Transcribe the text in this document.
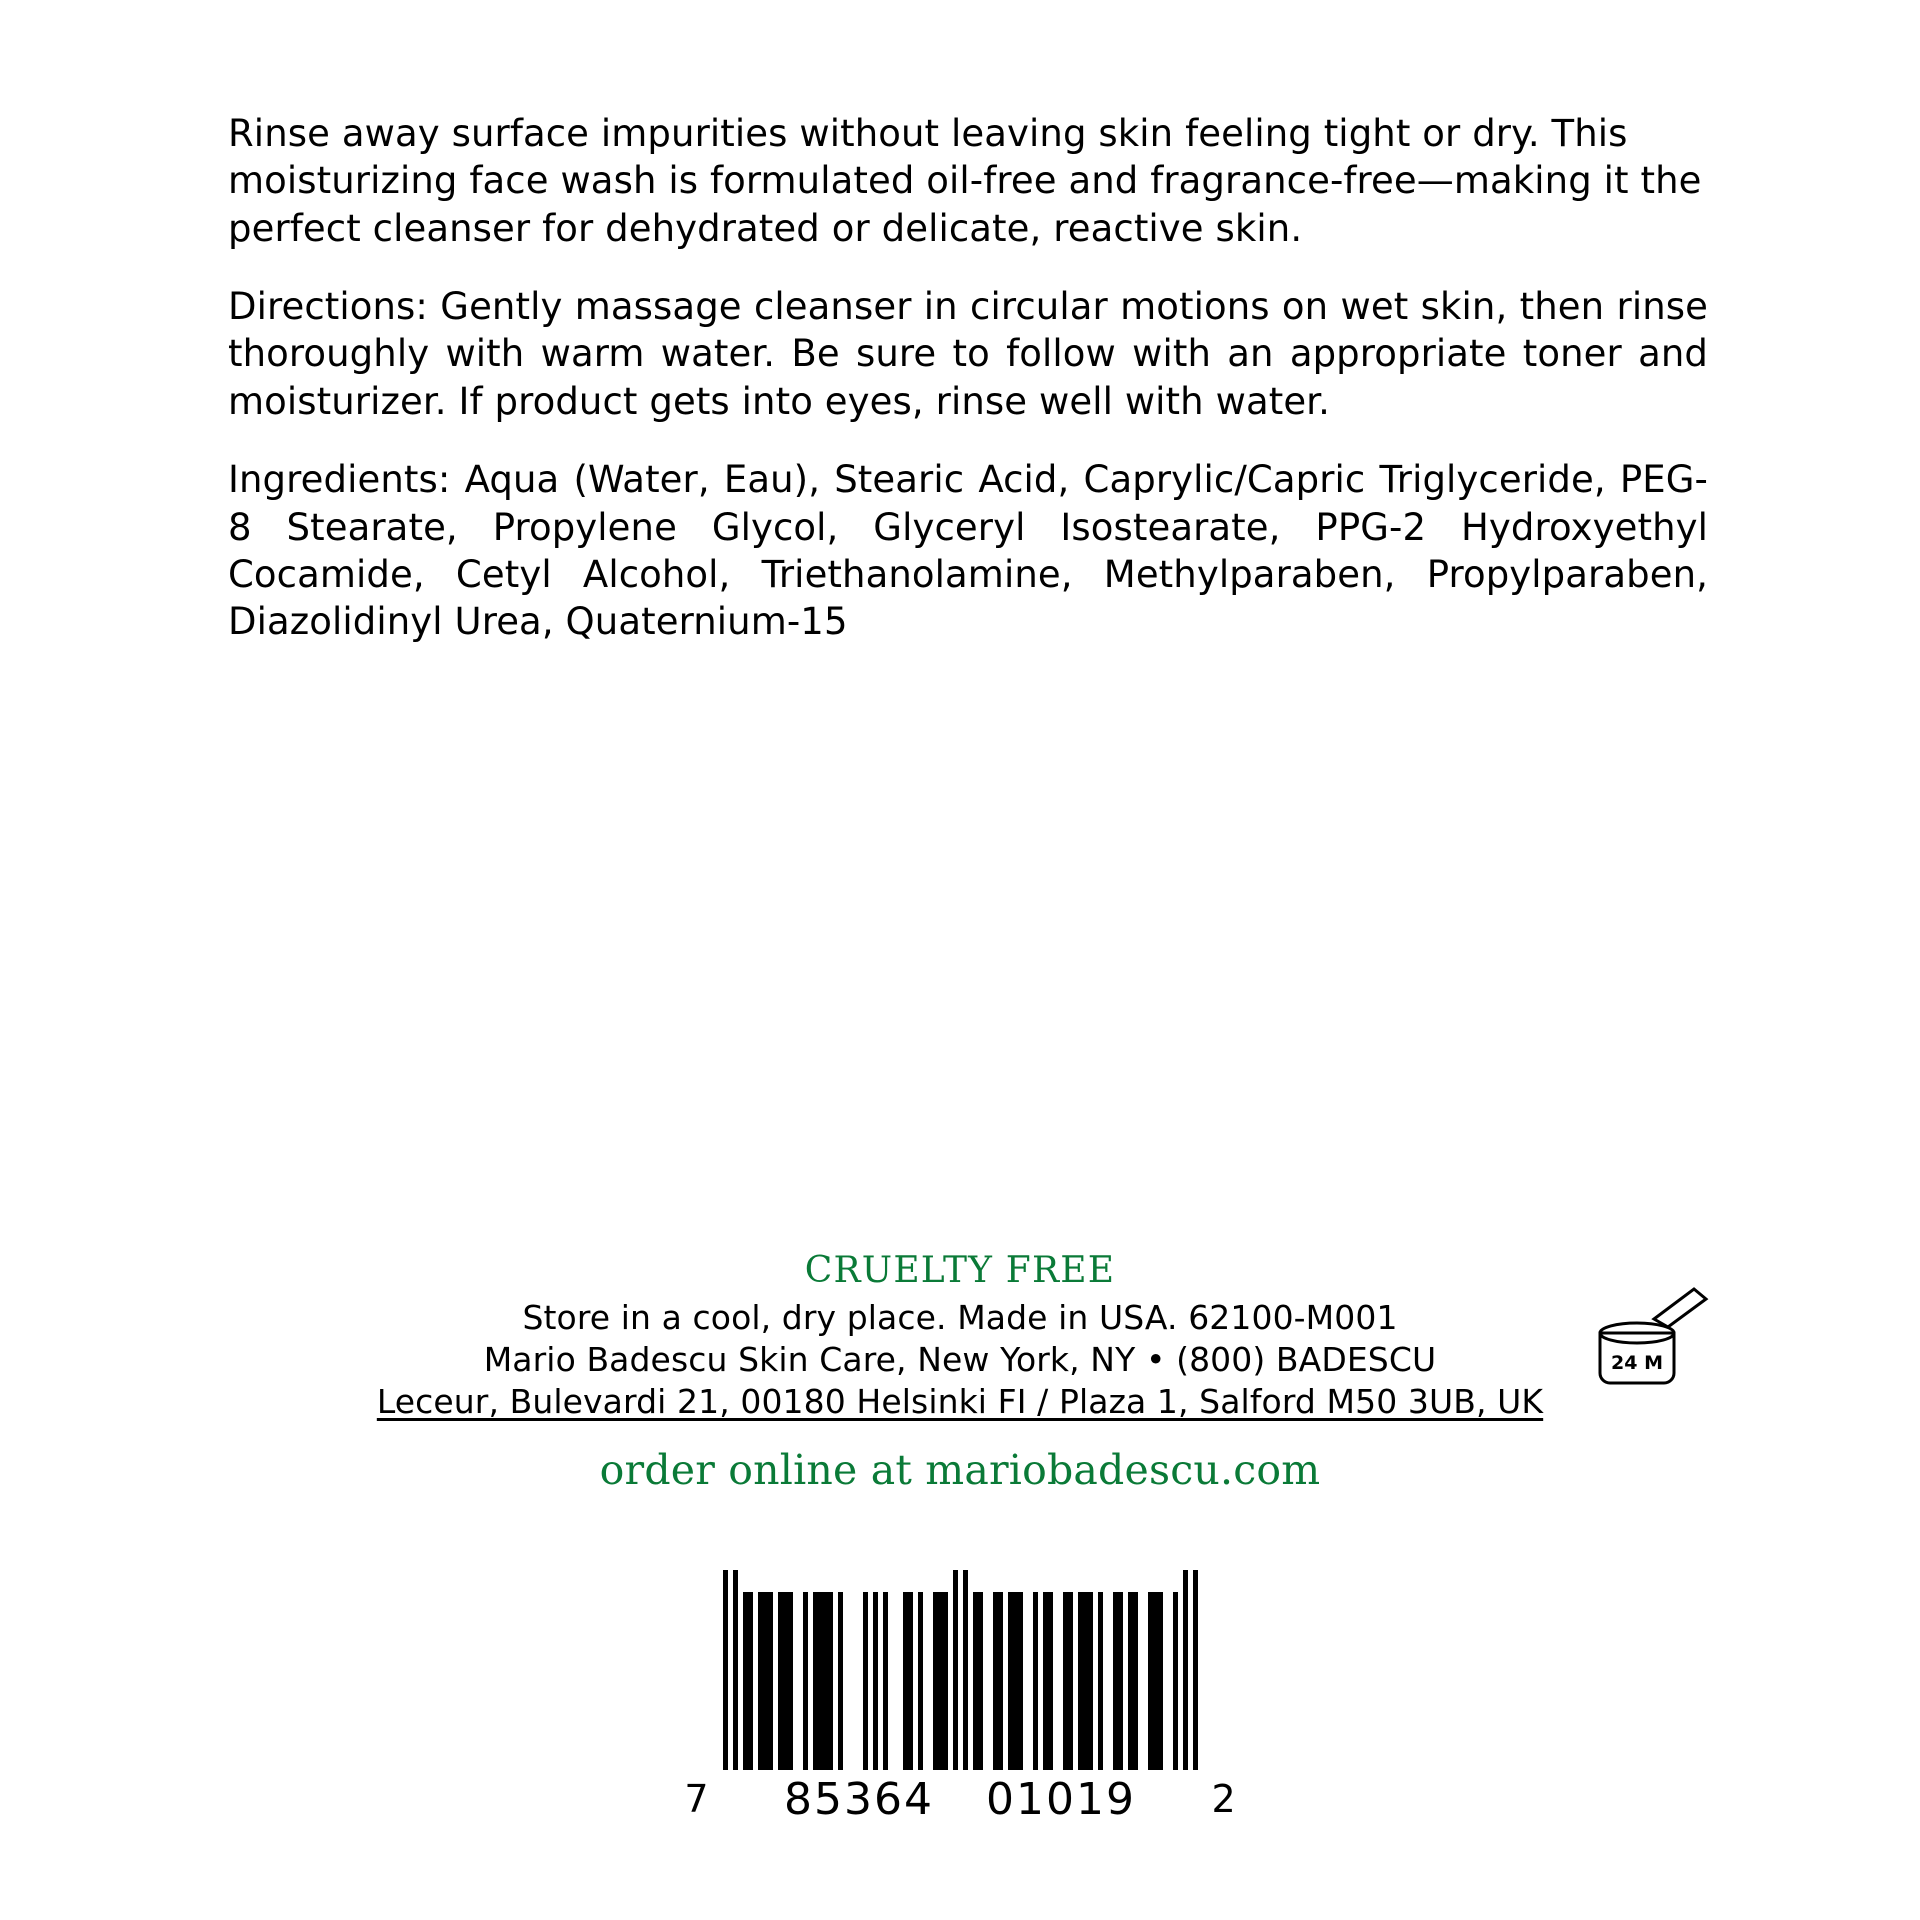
Rinse away surface impurities without leaving skin feeling tight or dry. This moisturizing face wash is formulated oil-free and fragrance-free—making it the perfect cleanser for dehydrated or delicate, reactive skin.

Directions: Gently massage cleanser in circular motions on wet skin, then rinse thoroughly with warm water. Be sure to follow with an appropriate toner and moisturizer. If product gets into eyes, rinse well with water.

Ingredients: Aqua (Water, Eau), Stearic Acid, Caprylic/Capric Triglyceride, PEG-8 Stearate, Propylene Glycol, Glyceryl Isostearate, PPG-2 Hydroxyethyl Cocamide, Cetyl Alcohol, Triethanolamine, Methylparaben, Propylparaben, Diazolidinyl Urea, Quaternium-15

CRUELTY FREE

Store in a cool, dry place. Made in USA. 62100-M001

Mario Badescu Skin Care, New York, NY • (800) BADESCU

Leceur, Bulevardi 21, 00180 Helsinki FI / Plaza 1, Salford M50 3UB, UK

order online at mariobadescu.com

24 M
7	85364 01019	2
